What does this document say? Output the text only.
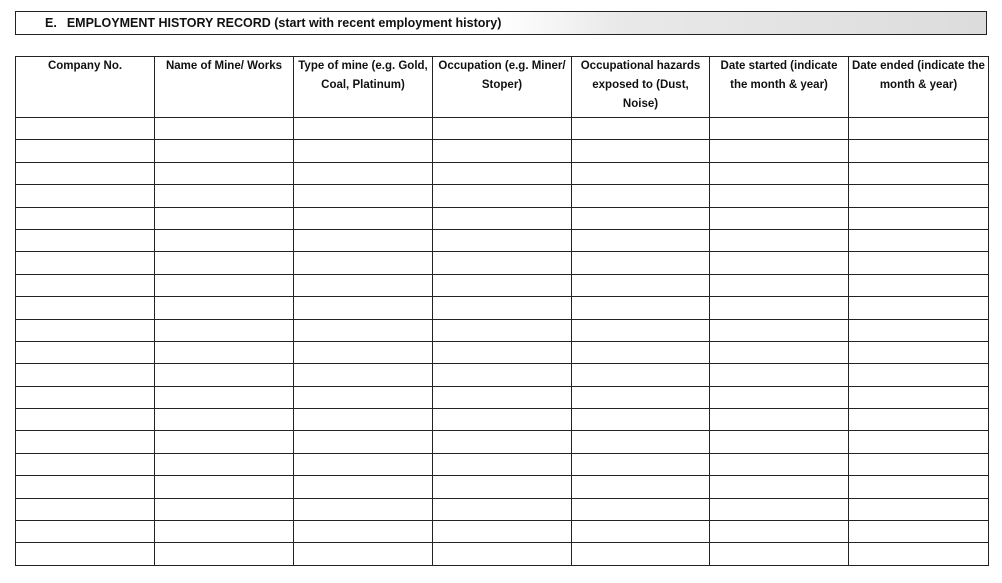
E. EMPLOYMENT HISTORY RECORD (start with recent employment history)
Company No.	Name of Mine/ Works	Type of mine (e.g. Gold, Coal, Platinum)	Occupation (e.g. Miner/ Stoper)	Occupational hazards exposed to (Dust, Noise)	Date started (indicate the month & year)	Date ended (indicate the month & year)
